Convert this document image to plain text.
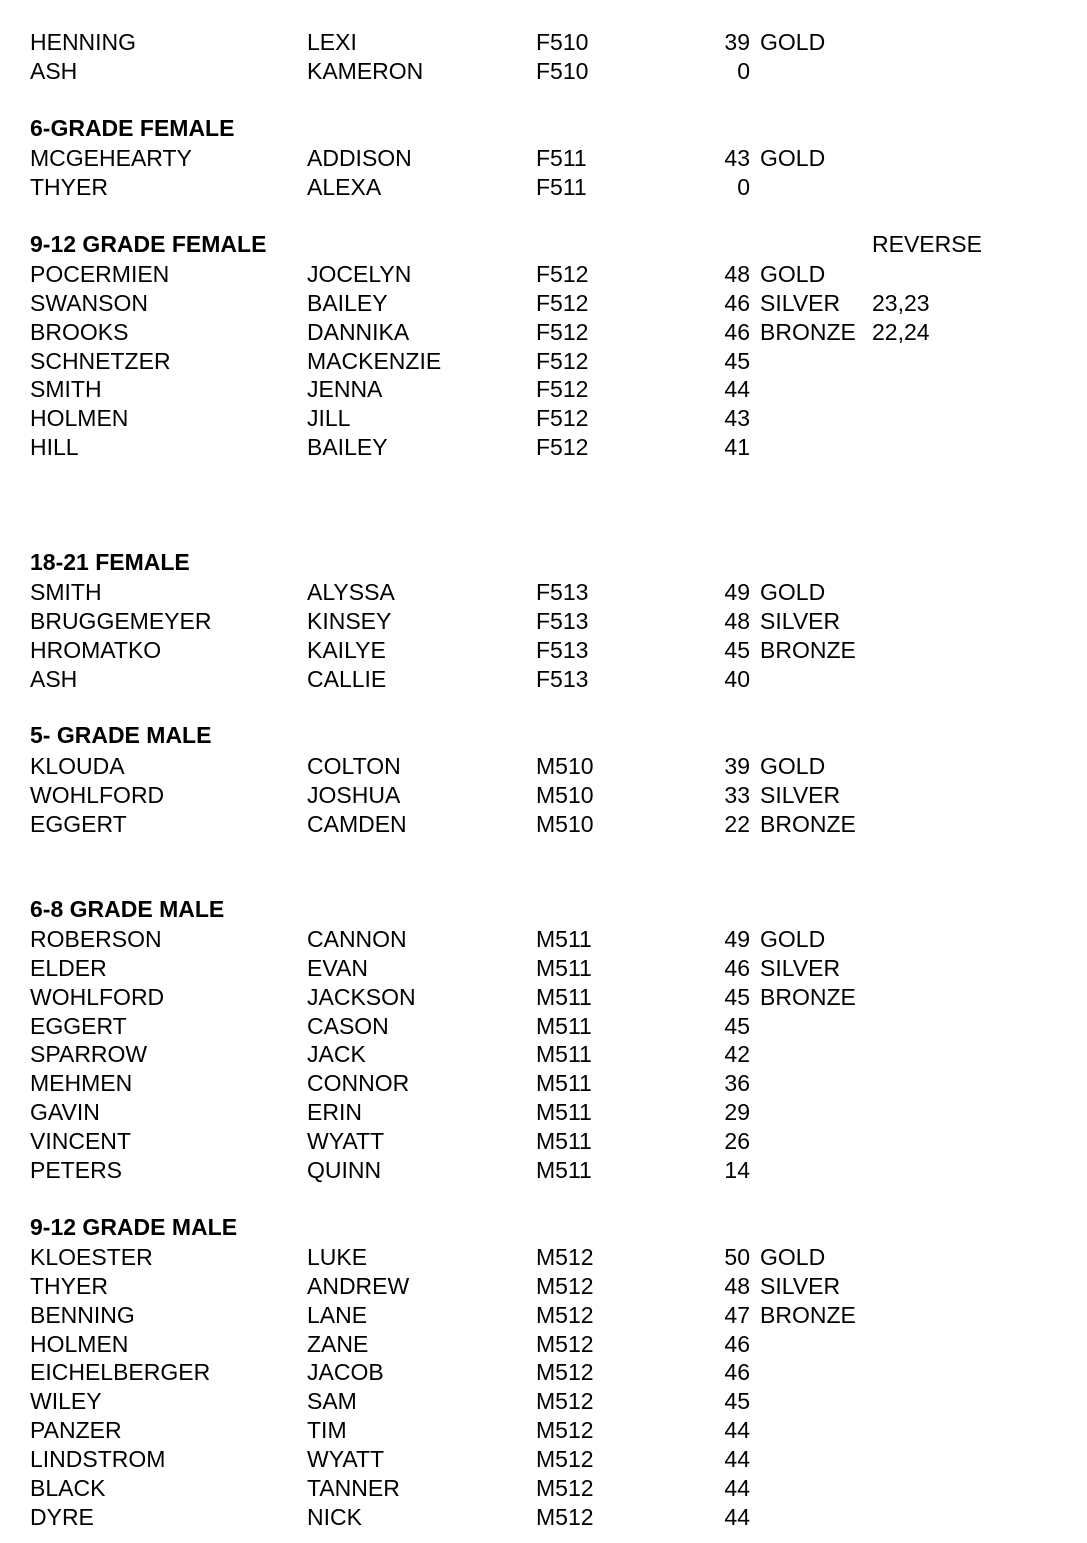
HENNING	LEXI	F510	39 GOLD
ASH	KAMERON	F510	0
6-GRADE FEMALE
MCGEHEARTY	ADDISON	F511	43 GOLD
THYER	ALEXA	F511	0
9-12 GRADE FEMALE	REVERSE
POCERMIEN	JOCELYN	F512	48 GOLD
SWANSON	BAILEY	F512	46 SILVER 23,23
BROOKS	DANNIKA	F512	46 BRONZE 22,24
SCHNETZER	MACKENZIE	F512	45
SMITH	JENNA	F512	44
HOLMEN	JILL	F512	43
HILL	BAILEY	F512	41
18-21 FEMALE
SMITH	ALYSSA	F513	49 GOLD
BRUGGEMEYER	KINSEY	F513	48 SILVER
HROMATKO	KAILYE	F513	45 BRONZE
ASH	CALLIE	F513	40
5- GRADE MALE
KLOUDA	COLTON	M510	39 GOLD
WOHLFORD	JOSHUA	M510	33 SILVER
EGGERT	CAMDEN	M510	22 BRONZE
6-8 GRADE MALE
ROBERSON	CANNON	M511	49 GOLD
ELDER	EVAN	M511	46 SILVER
WOHLFORD	JACKSON	M511	45 BRONZE
EGGERT	CASON	M511	45
SPARROW	JACK	M511	42
MEHMEN	CONNOR	M511	36
GAVIN	ERIN	M511	29
VINCENT	WYATT	M511	26
PETERS	QUINN	M511	14
9-12 GRADE MALE
KLOESTER	LUKE	M512	50 GOLD
THYER	ANDREW	M512	48 SILVER
BENNING	LANE	M512	47 BRONZE
HOLMEN	ZANE	M512	46
EICHELBERGER	JACOB	M512	46
WILEY	SAM	M512	45
PANZER	TIM	M512	44
LINDSTROM	WYATT	M512	44
BLACK	TANNER	M512	44
DYRE	NICK	M512	44
